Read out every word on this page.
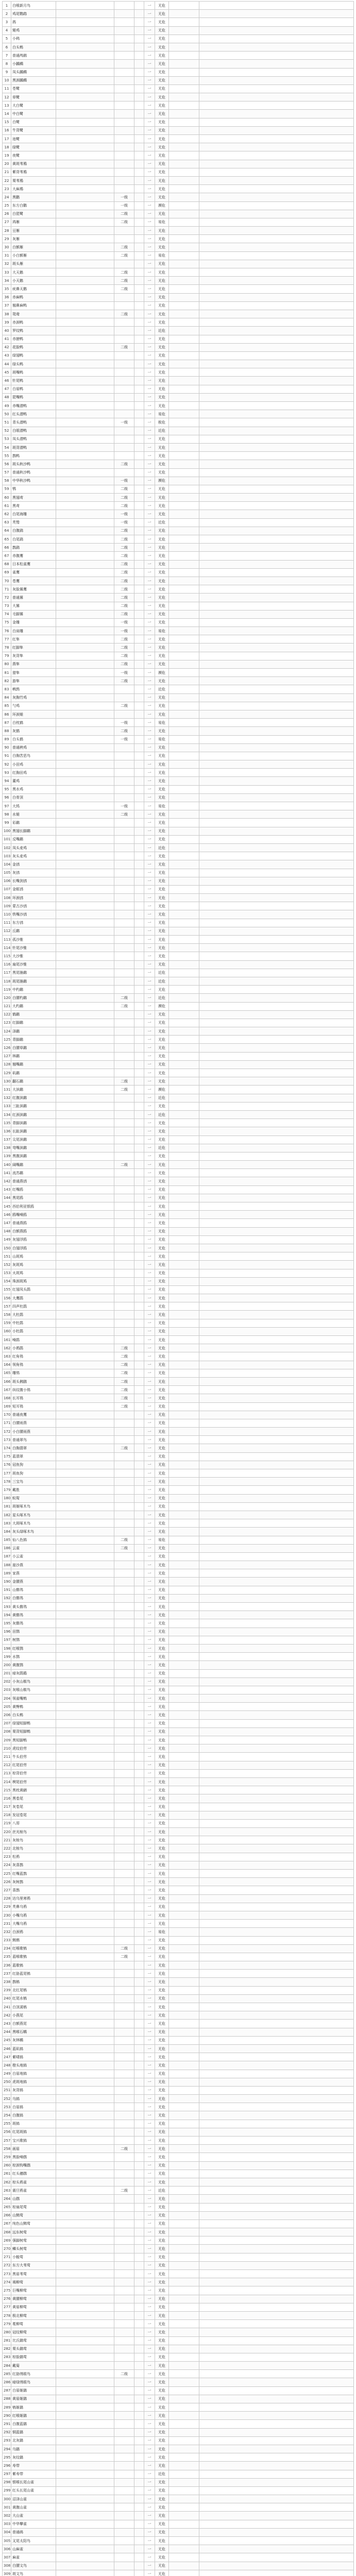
1	白喉新月鸟				一	无危		
2	鸡尾鹦鹉				一	无危		
3	鸽				一	无危		
4	雉鸡				一	无危		
5	小鹀				一	无危		
6	白头鹎				一	无危		
7	普通鸬鹚				一	无危		
8	小鸊鷉				一	无危		
9	凤头鸊鷉				一	无危		
10	黑颈鸊鷉				一	无危		
11	苍鹭				一	无危		
12	草鹭				一	无危		
13	大白鹭				一	无危		
14	中白鹭				一	无危		
15	白鹭				一	无危		
16	牛背鹭				一	无危		
17	池鹭				一	无危		
18	绿鹭				一	无危		
19	夜鹭				一	无危		
20	黄斑苇鳽				一	无危		
21	紫背苇鳽				一	无危		
22	栗苇鳽				一	无危		
23	大麻鳽				一	无危		
24	黑鹳		一级		一	无危		
25	东方白鹳		一级		一	濒危		
26	白琵鹭		二级		一	无危		
27	鸿雁		二级		一	易危		
28	豆雁				一	无危		
29	灰雁				一	无危		
30	白额雁		二级		一	无危		
31	小白额雁		二级		一	易危		
32	斑头雁				一	无危		
33	大天鹅		二级		一	无危		
34	小天鹅		二级		一	无危		
35	疣鼻天鹅		二级		一	无危		
36	赤麻鸭				一	无危		
37	翘鼻麻鸭				一	无危		
38	鸳鸯		二级		一	无危		
39	赤颈鸭				一	无危		
40	罗纹鸭				一	近危		
41	赤膀鸭				一	无危		
42	花脸鸭		二级		一	无危		
43	绿翅鸭				一	无危		
44	绿头鸭				一	无危		
45	斑嘴鸭				一	无危		
46	针尾鸭				一	无危		
47	白眉鸭				一	无危		
48	琵嘴鸭				一	无危		
49	赤嘴潜鸭				一	无危		
50	红头潜鸭				一	易危		
51	青头潜鸭		一级		一	极危		
52	白眼潜鸭				一	近危		
53	凤头潜鸭				一	无危		
54	斑背潜鸭				一	无危		
55	鹊鸭				一	无危		
56	斑头秋沙鸭		二级		一	无危		
57	普通秋沙鸭				一	无危		
58	中华秋沙鸭		一级		一	濒危		
59	鹗		二级		一	无危		
60	黑翅鸢		二级		一	无危		
61	黑鸢		二级		一	无危		
62	白尾海雕		一级		一	无危		
63	秃鹫		一级		一	近危		
64	白腹鹞		二级		一	无危		
65	白尾鹞		二级		一	无危		
66	鹊鹞		二级		一	无危		
67	赤腹鹰		二级		一	无危		
68	日本松雀鹰		二级		一	无危		
69	雀鹰		二级		一	无危		
70	苍鹰		二级		一	无危		
71	灰脸鵟鹰		二级		一	无危		
72	普通鵟		二级		一	无危		
73	大鵟		二级		一	无危		
74	毛脚鵟		二级		一	无危		
75	金雕		一级		一	无危		
76	白肩雕		一级		一	易危		
77	红隼		二级		一	无危		
78	红脚隼		二级		一	无危		
79	灰背隼		二级		一	无危		
80	燕隼		二级		一	无危		
81	猎隼		一级		一	濒危		
82	游隼		二级		一	无危		
83	鹌鹑				一	近危		
84	灰胸竹鸡				一	无危		
85	勺鸡		二级		一	无危		
86	环颈雉				一	无危		
87	白枕鹤		一级		一	易危		
88	灰鹤		二级		一	无危		
89	白头鹤		一级		一	易危		
90	普通秧鸡				一	无危		
91	白胸苦恶鸟				一	无危		
92	小田鸡				一	无危		
93	红胸田鸡				一	无危		
94	董鸡				一	无危		
95	黑水鸡				一	无危		
96	白骨顶				一	无危		
97	大鸨		一级		一	易危		
98	水雉		二级		一	无危		
99	彩鹬				一	无危		
100	黑翅长脚鹬				一	无危		
101	反嘴鹬				一	无危		
102	凤头麦鸡				一	近危		
103	灰头麦鸡				一	无危		
104	金鸻				一	无危		
105	灰鸻				一	无危		
106	长嘴剑鸻				一	无危		
107	金眶鸻				一	无危		
108	环颈鸻				一	无危		
109	蒙古沙鸻				一	无危		
110	铁嘴沙鸻				一	无危		
111	东方鸻				一	无危		
112	丘鹬				一	无危		
113	孤沙锥				一	无危		
114	针尾沙锥				一	无危		
115	大沙锥				一	无危		
116	扇尾沙锥				一	无危		
117	黑尾塍鹬				一	近危		
118	斑尾塍鹬				一	近危		
119	中杓鹬				一	无危		
120	白腰杓鹬		二级		一	近危		
121	大杓鹬		二级		一	濒危		
122	鹤鹬				一	无危		
123	红脚鹬				一	无危		
124	泽鹬				一	无危		
125	青脚鹬				一	无危		
126	白腰草鹬				一	无危		
127	林鹬				一	无危		
128	翘嘴鹬				一	无危		
129	矶鹬				一	无危		
130	翻石鹬		二级		一	无危		
131	大滨鹬		二级		一	濒危		
132	红腹滨鹬				一	近危		
133	三趾滨鹬				一	无危		
134	红颈滨鹬				一	近危		
135	青脚滨鹬				一	无危		
136	长趾滨鹬				一	无危		
137	尖尾滨鹬				一	无危		
138	弯嘴滨鹬				一	近危		
139	黑腹滨鹬				一	无危		
140	阔嘴鹬		二级		一	无危		
141	流苏鹬				一	无危		
142	普通燕鸻				一	无危		
143	红嘴鸥				一	无危		
144	黑尾鸥				一	无危		
145	西伯利亚银鸥				一	无危		
146	鸥嘴噪鸥				一	无危		
147	普通燕鸥				一	无危		
148	白额燕鸥				一	无危		
149	灰翅浮鸥				一	无危		
150	白翅浮鸥				一	无危		
151	山斑鸠				一	无危		
152	灰斑鸠				一	无危		
153	火斑鸠				一	无危		
154	珠颈斑鸠				一	无危		
155	红翅凤头鹃				一	无危		
156	大鹰鹃				一	无危		
157	四声杜鹃				一	无危		
158	大杜鹃				一	无危		
159	中杜鹃				一	无危		
160	小杜鹃				一	无危		
161	噪鹃				一	无危		
162	小鸦鹃		二级		一	无危		
163	红角鸮		二级		一	无危		
164	领角鸮		二级		一	无危		
165	雕鸮		二级		一	无危		
166	斑头鸺鹠		二级		一	无危		
167	纵纹腹小鸮		二级		一	无危		
168	长耳鸮		二级		一	无危		
169	短耳鸮		二级		一	无危		
170	普通夜鹰				一	无危		
171	白腰雨燕				一	无危		
172	小白腰雨燕				一	无危		
173	普通翠鸟				一	无危		
174	白胸翡翠		二级		一	无危		
175	蓝翡翠				一	无危		
176	冠鱼狗				一	无危		
177	斑鱼狗				一	无危		
178	三宝鸟				一	无危		
179	戴胜				一	无危		
180	蚁䴕				一	无危		
181	斑姬啄木鸟				一	无危		
182	星头啄木鸟				一	无危		
183	大斑啄木鸟				一	无危		
184	灰头绿啄木鸟				一	无危		
185	仙八色鸫		二级		一	易危		
186	云雀		二级		一	无危		
187	小云雀				一	无危		
188	崖沙燕				一	无危		
189	家燕				一	无危		
190	金腰燕				一	无危		
191	山鹡鸰				一	无危		
192	白鹡鸰				一	无危		
193	黄头鹡鸰				一	无危		
194	黄鹡鸰				一	无危		
195	灰鹡鸰				一	无危		
196	田鹨				一	无危		
197	树鹨				一	无危		
198	红喉鹨				一	无危		
199	水鹨				一	无危		
200	黄腹鹨				一	无危		
201	暗灰鹃鵙				一	无危		
202	小灰山椒鸟				一	无危		
203	灰喉山椒鸟				一	无危		
204	领雀嘴鹎				一	无危		
205	黄臀鹎				一	无危		
206	白头鹎				一	无危		
207	绿翅短脚鹎				一	无危		
208	栗背短脚鹎				一	无危		
209	黑短脚鹎				一	无危		
210	虎纹伯劳				一	无危		
211	牛头伯劳				一	无危		
212	红尾伯劳				一	无危		
213	棕背伯劳				一	无危		
214	楔尾伯劳				一	无危		
215	黑枕黄鹂				一	无危		
216	黑卷尾				一	无危		
217	灰卷尾				一	无危		
218	发冠卷尾				一	无危		
219	八哥				一	无危		
220	丝光椋鸟				一	无危		
221	灰椋鸟				一	无危		
222	北椋鸟				一	无危		
223	松鸦				一	无危		
224	灰喜鹊				一	无危		
225	红嘴蓝鹊				一	无危		
226	灰树鹊				一	无危		
227	喜鹊				一	无危		
228	达乌里寒鸦				一	无危		
229	秃鼻乌鸦				一	无危		
230	小嘴乌鸦				一	无危		
231	大嘴乌鸦				一	无危		
232	白颈鸦				一	易危		
233	鹪鹩				一	无危		
234	红喉歌鸲		二级		一	无危		
235	蓝喉歌鸲		二级		一	无危		
236	蓝歌鸲				一	无危		
237	红胁蓝尾鸲				一	无危		
238	鹊鸲				一	无危		
239	北红尾鸲				一	无危		
240	红尾水鸲				一	无危		
241	白顶溪鸲				一	无危		
242	小燕尾				一	无危		
243	白额燕尾				一	无危		
244	黑喉石䳭				一	无危		
245	灰林䳭				一	无危		
246	蓝矶鸫				一	无危		
247	紫啸鸫				一	无危		
248	橙头地鸫				一	无危		
249	白眉地鸫				一	无危		
250	虎斑地鸫				一	无危		
251	灰背鸫				一	无危		
252	乌鸫				一	无危		
253	白眉鸫				一	无危		
254	白腹鸫				一	无危		
255	斑鸫				一	无危		
256	红尾斑鸫				一	无危		
257	宝兴歌鸫				一	无危		
258	画眉		二级		一	无危		
259	黑脸噪鹛				一	无危		
260	棕颈钩嘴鹛				一	无危		
261	红头穗鹛				一	无危		
262	棕头鸦雀				一	无危		
263	震旦鸦雀		二级		一	近危		
264	山鹛				一	无危		
265	棕扇尾莺				一	无危		
266	山鹪莺				一	无危		
267	纯色山鹪莺				一	无危		
268	远东树莺				一	无危		
269	强脚树莺				一	无危		
270	鳞头树莺				一	无危		
271	小蝗莺				一	无危		
272	东方大苇莺				一	无危		
273	黑眉苇莺				一	无危		
274	褐柳莺				一	无危		
275	巨嘴柳莺				一	无危		
276	黄腰柳莺				一	无危		
277	黄眉柳莺				一	无危		
278	极北柳莺				一	无危		
279	冕柳莺				一	无危		
280	冠纹柳莺				一	无危		
281	比氏鹟莺				一	无危		
282	栗头鹟莺				一	无危		
283	棕脸鹟莺				一	无危		
284	戴菊				一	无危		
285	红胁绣眼鸟		二级		一	无危		
286	暗绿绣眼鸟				一	无危		
287	白眉姬鹟				一	无危		
288	黄眉姬鹟				一	无危		
289	鸲姬鹟				一	无危		
290	红喉姬鹟				一	无危		
291	白腹蓝鹟				一	无危		
292	铜蓝鹟				一	无危		
293	北灰鹟				一	无危		
294	乌鹟				一	无危		
295	灰纹鹟				一	无危		
296	寿带				一	无危		
297	紫寿带				一	近危		
298	银喉长尾山雀				一	无危		
299	红头长尾山雀				一	无危		
300	沼泽山雀				一	无危		
301	黄腹山雀				一	无危		
302	大山雀				一	无危		
303	中华攀雀				一	无危		
304	普通䴓				一	无危		
305	叉尾太阳鸟				一	无危		
306	山麻雀				一	无危		
307	麻雀				一	无危		
308	白腰文鸟				一	无危		
309	斑文鸟				一	无危		
